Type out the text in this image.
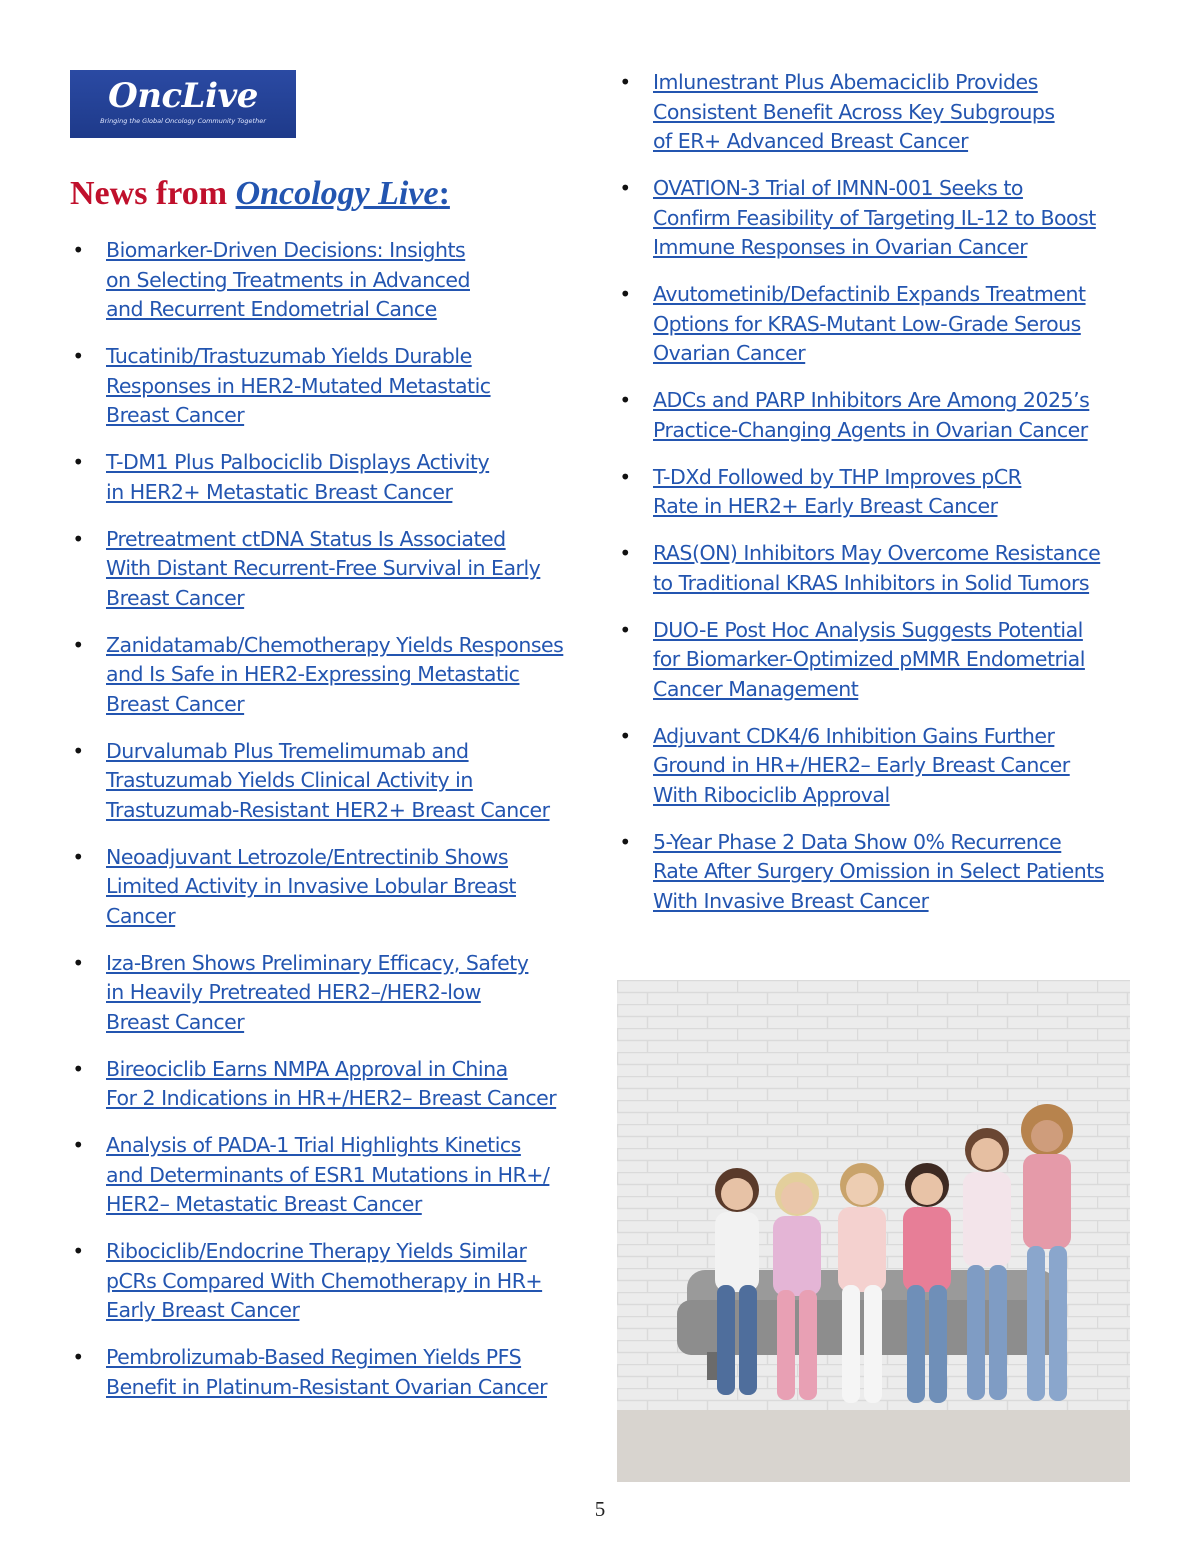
OncLive
Bringing the Global Oncology Community Together
News from Oncology Live:
• Biomarker-Driven Decisions: Insights
on Selecting Treatments in Advanced
and Recurrent Endometrial Cance
• Tucatinib/Trastuzumab Yields Durable
Responses in HER2-Mutated Metastatic
Breast Cancer
• T-DM1 Plus Palbociclib Displays Activity
in HER2+ Metastatic Breast Cancer
• Pretreatment ctDNA Status Is Associated
With Distant Recurrent-Free Survival in Early
Breast Cancer
• Zanidatamab/Chemotherapy Yields Responses
and Is Safe in HER2-Expressing Metastatic
Breast Cancer
• Durvalumab Plus Tremelimumab and
Trastuzumab Yields Clinical Activity in
Trastuzumab-Resistant HER2+ Breast Cancer
• Neoadjuvant Letrozole/Entrectinib Shows
Limited Activity in Invasive Lobular Breast
Cancer
• Iza-Bren Shows Preliminary Efficacy, Safety
in Heavily Pretreated HER2–/HER2-low
Breast Cancer
• Bireociclib Earns NMPA Approval in China
For 2 Indications in HR+/HER2– Breast Cancer
• Analysis of PADA-1 Trial Highlights Kinetics
and Determinants of ESR1 Mutations in HR+/
HER2– Metastatic Breast Cancer
• Ribociclib/Endocrine Therapy Yields Similar
pCRs Compared With Chemotherapy in HR+
Early Breast Cancer
• Pembrolizumab-Based Regimen Yields PFS
Benefit in Platinum-Resistant Ovarian Cancer
• Imlunestrant Plus Abemaciclib Provides
Consistent Benefit Across Key Subgroups
of ER+ Advanced Breast Cancer
• OVATION-3 Trial of IMNN-001 Seeks to
Confirm Feasibility of Targeting IL-12 to Boost
Immune Responses in Ovarian Cancer
• Avutometinib/Defactinib Expands Treatment
Options for KRAS-Mutant Low-Grade Serous
Ovarian Cancer
• ADCs and PARP Inhibitors Are Among 2025’s
Practice-Changing Agents in Ovarian Cancer
• T-DXd Followed by THP Improves pCR
Rate in HER2+ Early Breast Cancer
• RAS(ON) Inhibitors May Overcome Resistance
to Traditional KRAS Inhibitors in Solid Tumors
• DUO-E Post Hoc Analysis Suggests Potential
for Biomarker-Optimized pMMR Endometrial
Cancer Management
• Adjuvant CDK4/6 Inhibition Gains Further
Ground in HR+/HER2– Early Breast Cancer
With Ribociclib Approval
• 5-Year Phase 2 Data Show 0% Recurrence
Rate After Surgery Omission in Select Patients
With Invasive Breast Cancer
5
